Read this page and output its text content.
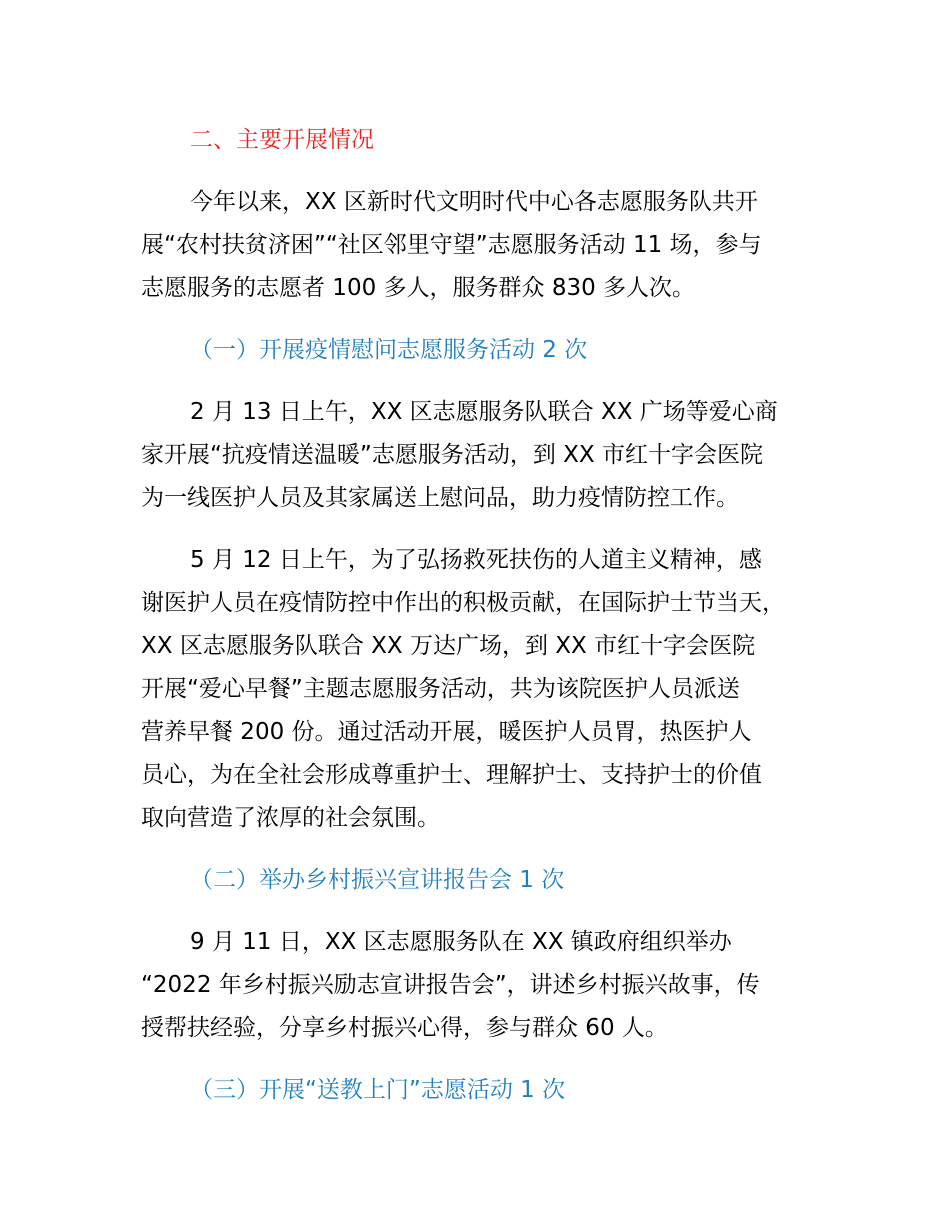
二、主要开展情况
今年以来，XX 区新时代文明时代中心各志愿服务队共开
展“农村扶贫济困”“社区邻里守望”志愿服务活动 11 场，参与
志愿服务的志愿者 100 多人，服务群众 830 多人次。
（一）开展疫情慰问志愿服务活动 2 次
2 月 13 日上午，XX 区志愿服务队联合 XX 广场等爱心商
家开展“抗疫情送温暖”志愿服务活动，到 XX 市红十字会医院
为一线医护人员及其家属送上慰问品，助力疫情防控工作。
5 月 12 日上午，为了弘扬救死扶伤的人道主义精神，感
谢医护人员在疫情防控中作出的积极贡献，在国际护士节当天，
XX 区志愿服务队联合 XX 万达广场，到 XX 市红十字会医院
开展“爱心早餐”主题志愿服务活动，共为该院医护人员派送
营养早餐 200 份。通过活动开展，暖医护人员胃，热医护人
员心，为在全社会形成尊重护士、理解护士、支持护士的价值
取向营造了浓厚的社会氛围。
（二）举办乡村振兴宣讲报告会 1 次
9 月 11 日，XX 区志愿服务队在 XX 镇政府组织举办
“2022 年乡村振兴励志宣讲报告会”，讲述乡村振兴故事，传
授帮扶经验，分享乡村振兴心得，参与群众 60 人。
（三）开展“送教上门”志愿活动 1 次
